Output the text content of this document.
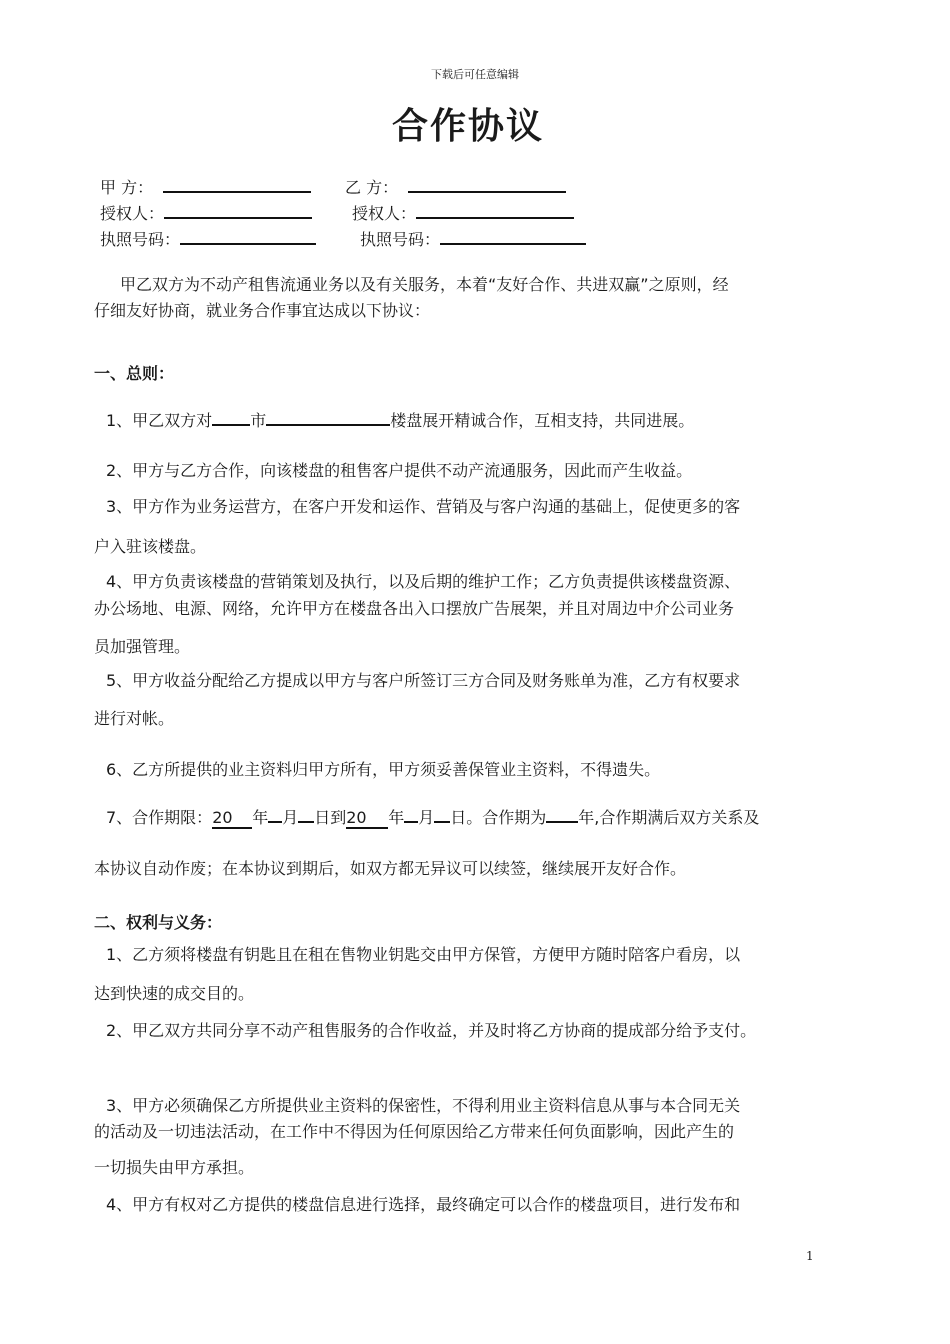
下载后可任意编辑
合作协议
甲 方：	乙 方：
授权人：	授权人：
执照号码：	执照号码：
甲乙双方为不动产租售流通业务以及有关服务，本着“友好合作、共进双赢”之原则，经
仔细友好协商，就业务合作事宜达成以下协议：
一、总则：
1、甲乙双方对 市	楼盘展开精诚合作，互相支持，共同进展。
2、甲方与乙方合作，向该楼盘的租售客户提供不动产流通服务，因此而产生收益。
3、甲方作为业务运营方，在客户开发和运作、营销及与客户沟通的基础上，促使更多的客
户入驻该楼盘。
4、甲方负责该楼盘的营销策划及执行，以及后期的维护工作；乙方负责提供该楼盘资源、
办公场地、电源、网络，允许甲方在楼盘各出入口摆放广告展架，并且对周边中介公司业务
员加强管理。
5、甲方收益分配给乙方提成以甲方与客户所签订三方合同及财务账单为准，乙方有权要求
进行对帐。
6、乙方所提供的业主资料归甲方所有，甲方须妥善保管业主资料，不得遗失。
7、合作期限：20 年 月 日到20 年 月 日。合作期为 年,合作期满后双方关系及
本协议自动作废；在本协议到期后，如双方都无异议可以续签，继续展开友好合作。
二、权利与义务：
1、乙方须将楼盘有钥匙且在租在售物业钥匙交由甲方保管，方便甲方随时陪客户看房，以
达到快速的成交目的。
2、甲乙双方共同分享不动产租售服务的合作收益，并及时将乙方协商的提成部分给予支付。
3、甲方必须确保乙方所提供业主资料的保密性，不得利用业主资料信息从事与本合同无关
的活动及一切违法活动，在工作中不得因为任何原因给乙方带来任何负面影响，因此产生的
一切损失由甲方承担。
4、甲方有权对乙方提供的楼盘信息进行选择，最终确定可以合作的楼盘项目，进行发布和
1
